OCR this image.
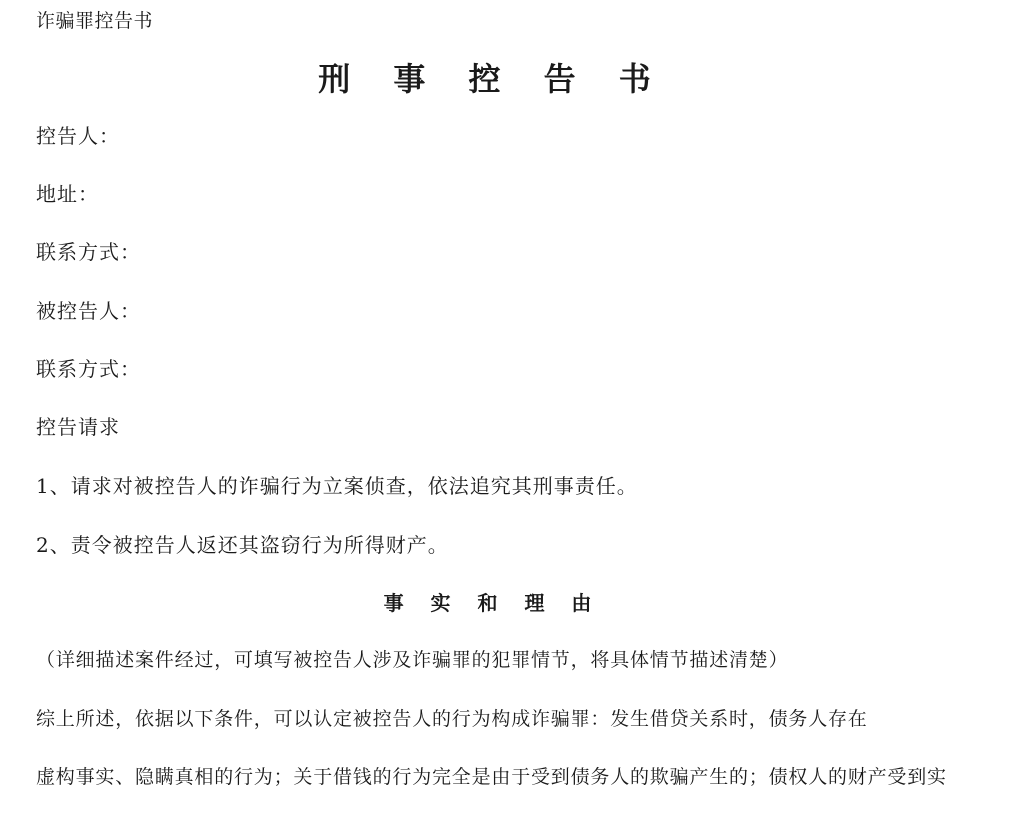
诈骗罪控告书
刑 事 控 告 书
控告人：
地址：
联系方式：
被控告人：
联系方式：
控告请求
1、请求对被控告人的诈骗行为立案侦查，依法追究其刑事责任。
2、责令被控告人返还其盗窃行为所得财产。
事 实 和 理 由
（详细描述案件经过，可填写被控告人涉及诈骗罪的犯罪情节，将具体情节描述清楚）
综上所述，依据以下条件，可以认定被控告人的行为构成诈骗罪：发生借贷关系时，债务人存在
虚构事实、隐瞒真相的行为；关于借钱的行为完全是由于受到债务人的欺骗产生的；债权人的财产受到实
